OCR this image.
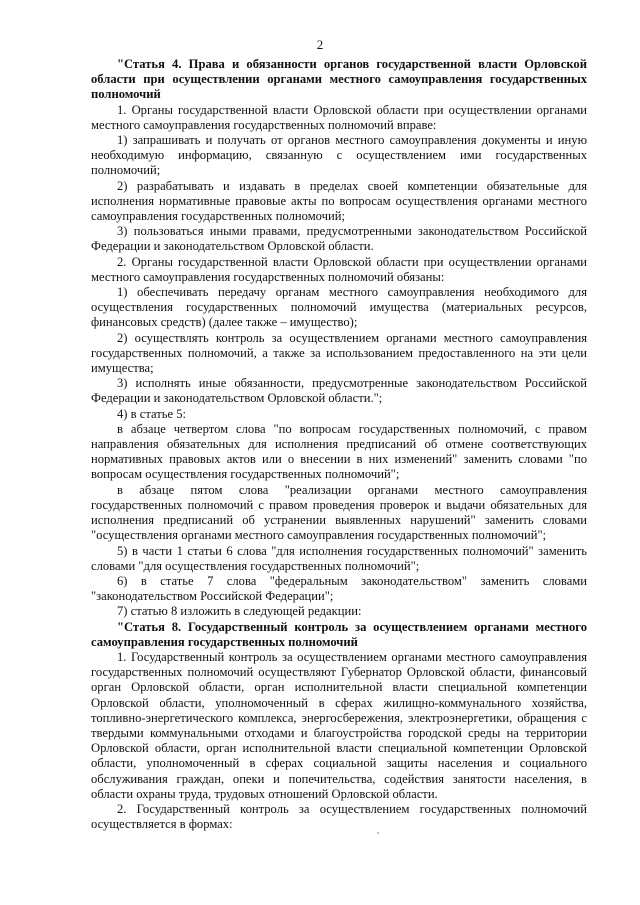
2

"Статья 4. Права и обязанности органов государственной власти Орловской области при осуществлении органами местного самоуправления государственных полномочий

1. Органы государственной власти Орловской области при осуществлении органами местного самоуправления государственных полномочий вправе:

1) запрашивать и получать от органов местного самоуправления документы и иную необходимую информацию, связанную с осуществлением ими государственных полномочий;

2) разрабатывать и издавать в пределах своей компетенции обязательные для исполнения нормативные правовые акты по вопросам осуществления органами местного самоуправления государственных полномочий;

3) пользоваться иными правами, предусмотренными законодательством Российской Федерации и законодательством Орловской области.

2. Органы государственной власти Орловской области при осуществлении органами местного самоуправления государственных полномочий обязаны:

1) обеспечивать передачу органам местного самоуправления необходимого для осуществления государственных полномочий имущества (материальных ресурсов, финансовых средств) (далее также – имущество);

2) осуществлять контроль за осуществлением органами местного самоуправления государственных полномочий, а также за использованием предоставленного на эти цели имущества;

3) исполнять иные обязанности, предусмотренные законодательством Российской Федерации и законодательством Орловской области.";

4) в статье 5:

в абзаце четвертом слова "по вопросам государственных полномочий, с правом направления обязательных для исполнения предписаний об отмене соответствующих нормативных правовых актов или о внесении в них изменений" заменить словами "по вопросам осуществления государственных полномочий";

в абзаце пятом слова "реализации органами местного самоуправления государственных полномочий с правом проведения проверок и выдачи обязательных для исполнения предписаний об устранении выявленных нарушений" заменить словами "осуществления органами местного самоуправления государственных полномочий";

5) в части 1 статьи 6 слова "для исполнения государственных полномочий" заменить словами "для осуществления государственных полномочий";

6) в статье 7 слова "федеральным законодательством" заменить словами "законодательством Российской Федерации";

7) статью 8 изложить в следующей редакции:

"Статья 8. Государственный контроль за осуществлением органами местного самоуправления государственных полномочий

1. Государственный контроль за осуществлением органами местного самоуправления государственных полномочий осуществляют Губернатор Орловской области, финансовый орган Орловской области, орган исполнительной власти специальной компетенции Орловской области, уполномоченный в сферах жилищно-коммунального хозяйства, топливно-энергетического комплекса, энергосбережения, электроэнергетики, обращения с твердыми коммунальными отходами и благоустройства городской среды на территории Орловской области, орган исполнительной власти специальной компетенции Орловской области, уполномоченный в сферах социальной защиты населения и социального обслуживания граждан, опеки и попечительства, содействия занятости населения, в области охраны труда, трудовых отношений Орловской области.

2. Государственный контроль за осуществлением государственных полномочий осуществляется в формах:
